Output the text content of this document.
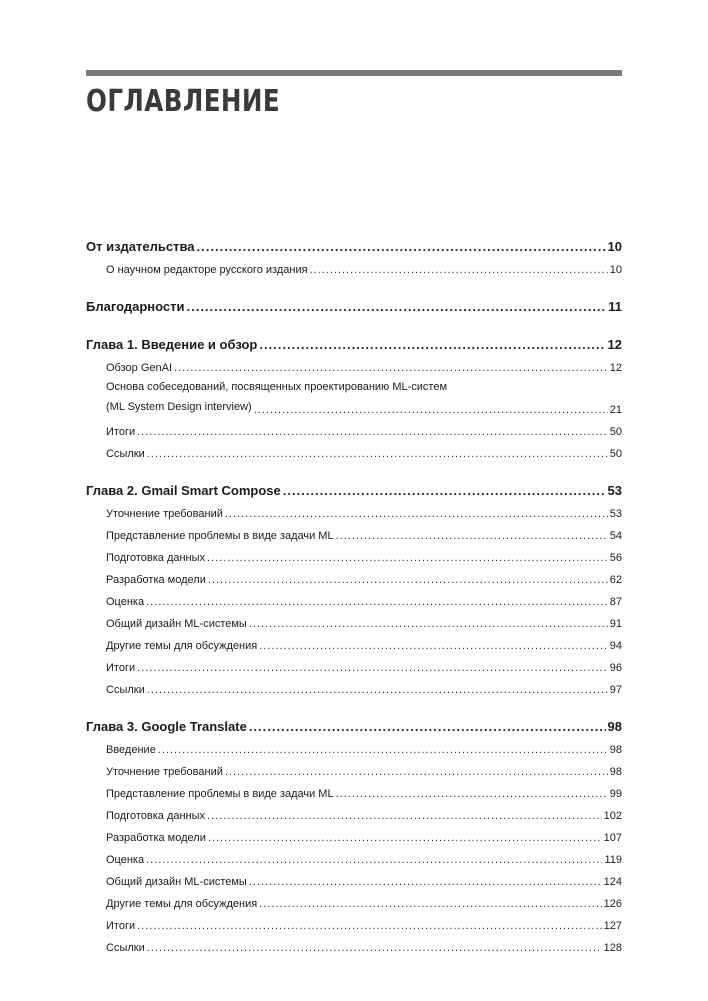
ОГЛАВЛЕНИЕ
От издательства .....	10
О научном редакторе русского издания .....	10
Благодарности .....	11
Глава 1. Введение и обзор .....	12
Обзор GenAI .....	12
Основа собеседований, посвященных проектированию ML-систем
(ML System Design interview) .....	21
Итоги .....	50
Ссылки .....	50
Глава 2. Gmail Smart Compose .....	53
Уточнение требований .....	53
Представление проблемы в виде задачи ML .....	54
Подготовка данных .....	56
Разработка модели .....	62
Оценка .....	87
Общий дизайн ML-системы .....	91
Другие темы для обсуждения .....	94
Итоги .....	96
Ссылки .....	97
Глава 3. Google Translate .....	98
Введение .....	98
Уточнение требований .....	98
Представление проблемы в виде задачи ML .....	99
Подготовка данных .....	102
Разработка модели .....	107
Оценка .....	119
Общий дизайн ML-системы .....	124
Другие темы для обсуждения .....	126
Итоги .....	127
Ссылки .....	128
